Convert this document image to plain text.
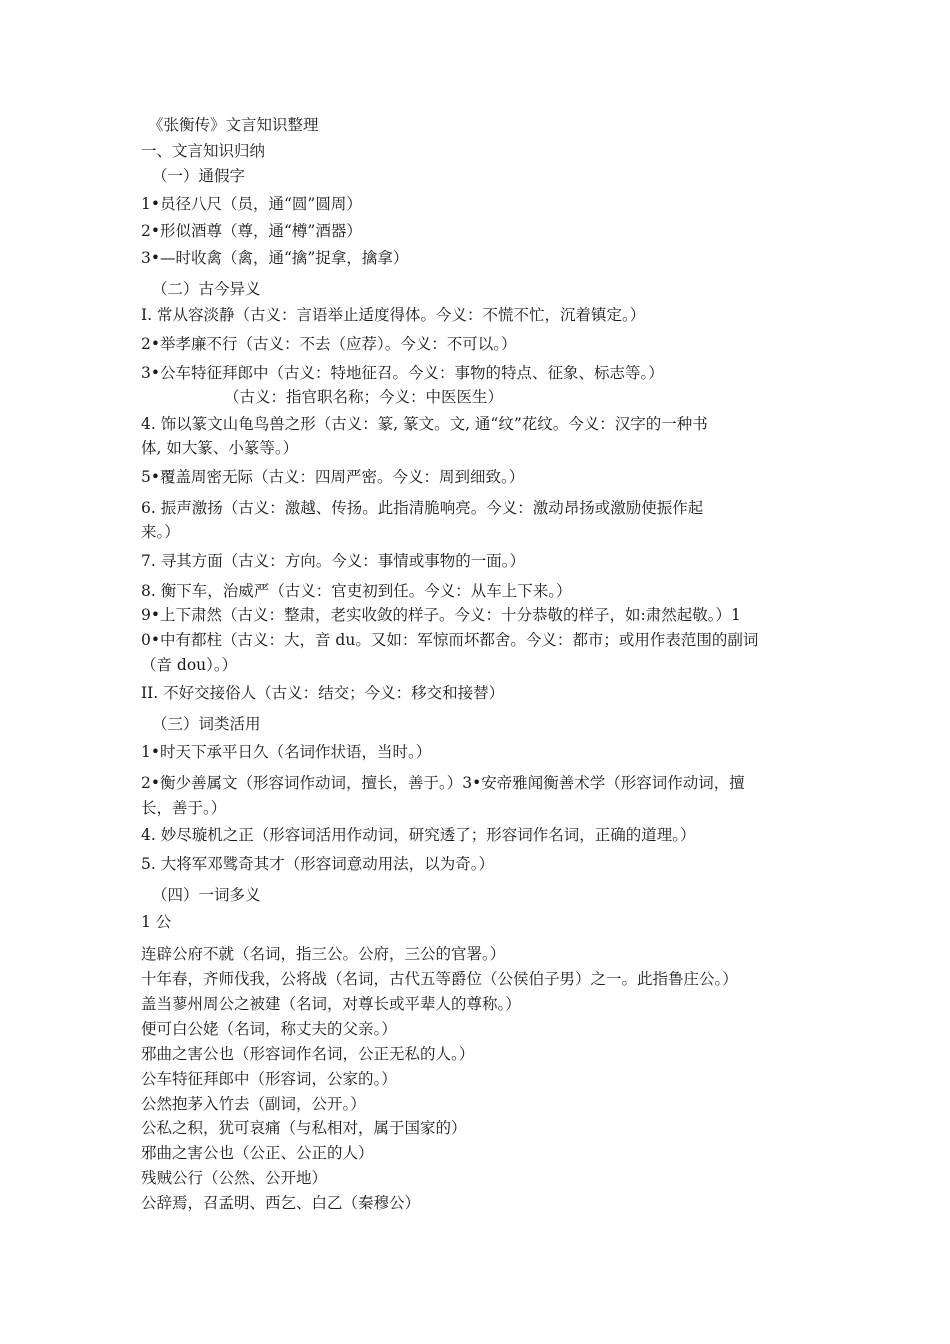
《张衡传》文言知识整理
一、文言知识归纳
（一）通假字
1•员径八尺（员，通“圆”圆周）
2•形似酒尊（尊，通“樽”酒器）
3•—时收禽（禽，通“擒”捉拿，擒拿）
（二）古今异义
I. 常从容淡静（古义：言语举止适度得体。今义：不慌不忙，沉着镇定。）
2•举孝廉不行（古义：不去（应荐）。今义：不可以。）
3•公车特征拜郎中（古义：特地征召。今义：事物的特点、征象、标志等。）
（古义：指官职名称；今义：中医医生）
4. 饰以篆文山龟鸟兽之形（古义：篆, 篆文。文, 通“纹”花纹。今义：汉字的一种书
体, 如大篆、小篆等。）
5•覆盖周密无际（古义：四周严密。今义：周到细致。）
6. 振声激扬（古义：激越、传扬。此指清脆响亮。今义：激动昂扬或激励使振作起
来。）
7. 寻其方面（古义：方向。今义：事情或事物的一面。）
8. 衡下车，治威严（古义：官吏初到任。今义：从车上下来。）
9•上下肃然（古义：整肃，老实收敛的样子。今义：十分恭敬的样子，如:肃然起敬。）1
0•中有都柱（古义：大，音 du。又如：军惊而坏都舍。今义：都市；或用作表范围的副词
（音 dou）。）
II. 不好交接俗人（古义：结交；今义：移交和接替）
（三）词类活用
1•时天下承平日久（名词作状语，当时。）
2•衡少善属文（形容词作动词，擅长，善于。）3•安帝雅闻衡善术学（形容词作动词，擅
长，善于。）
4. 妙尽璇机之正（形容词活用作动词，研究透了；形容词作名词，正确的道理。）
5. 大将军邓骘奇其才（形容词意动用法，以为奇。）
（四）一词多义
1 公
连辟公府不就（名词，指三公。公府，三公的官署。）
十年春，齐师伐我，公将战（名词，古代五等爵位（公侯伯子男）之一。此指鲁庄公。）
盖当蓼州周公之被建（名词，对尊长或平辈人的尊称。）
便可白公姥（名词，称丈夫的父亲。）
邪曲之害公也（形容词作名词，公正无私的人。）
公车特征拜郎中（形容词，公家的。）
公然抱茅入竹去（副词，公开。）
公私之积，犹可哀痛（与私相对，属于国家的）
邪曲之害公也（公正、公正的人）
残贼公行（公然、公开地）
公辞焉，召孟明、西乞、白乙（秦穆公）
